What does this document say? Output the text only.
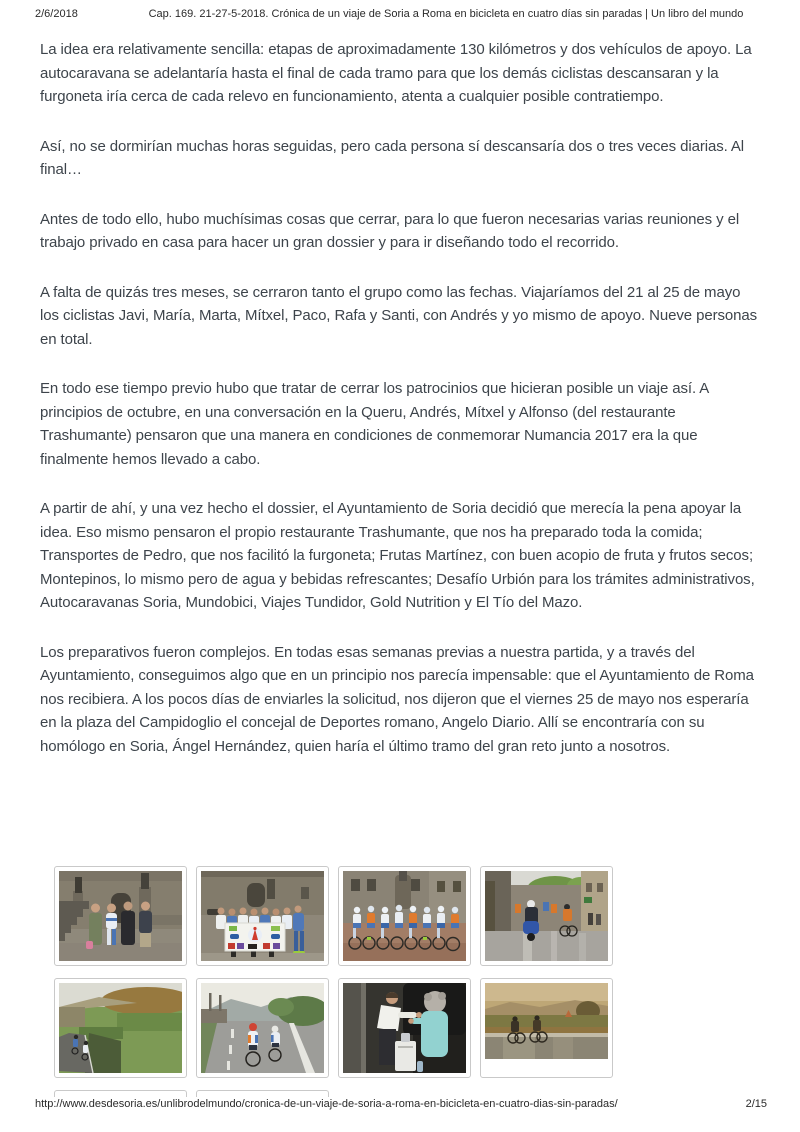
2/6/2018	Cap. 169. 21-27-5-2018. Crónica de un viaje de Soria a Roma en bicicleta en cuatro días sin paradas | Un libro del mundo

La idea era relativamente sencilla: etapas de aproximadamente 130 kilómetros y dos vehículos de apoyo. La autocaravana se adelantaría hasta el final de cada tramo para que los demás ciclistas descansaran y la furgoneta iría cerca de cada relevo en funcionamiento, atenta a cualquier posible contratiempo.

Así, no se dormirían muchas horas seguidas, pero cada persona sí descansaría dos o tres veces diarias. Al final…

Antes de todo ello, hubo muchísimas cosas que cerrar, para lo que fueron necesarias varias reuniones y el trabajo privado en casa para hacer un gran dossier y para ir diseñando todo el recorrido.

A falta de quizás tres meses, se cerraron tanto el grupo como las fechas. Viajaríamos del 21 al 25 de mayo los ciclistas Javi, María, Marta, Mítxel, Paco, Rafa y Santi, con Andrés y yo mismo de apoyo. Nueve personas en total.

En todo ese tiempo previo hubo que tratar de cerrar los patrocinios que hicieran posible un viaje así. A principios de octubre, en una conversación en la Queru, Andrés, Mítxel y Alfonso (del restaurante Trashumante) pensaron que una manera en condiciones de conmemorar Numancia 2017 era la que finalmente hemos llevado a cabo.

A partir de ahí, y una vez hecho el dossier, el Ayuntamiento de Soria decidió que merecía la pena apoyar la idea. Eso mismo pensaron el propio restaurante Trashumante, que nos ha preparado toda la comida; Transportes de Pedro, que nos facilitó la furgoneta; Frutas Martínez, con buen acopio de fruta y frutos secos; Montepinos, lo mismo pero de agua y bebidas refrescantes; Desafío Urbión para los trámites administrativos, Autocaravanas Soria, Mundobici, Viajes Tundidor, Gold Nutrition y El Tío del Mazo.

Los preparativos fueron complejos. En todas esas semanas previas a nuestra partida, y a través del Ayuntamiento, conseguimos algo que en un principio nos parecía impensable: que el Ayuntamiento de Roma nos recibiera. A los pocos días de enviarles la solicitud, nos dijeron que el viernes 25 de mayo nos esperaría en la plaza del Campidoglio el concejal de Deportes romano, Angelo Diario. Allí se encontraría con su homólogo en Soria, Ángel Hernández, quien haría el último tramo del gran reto junto a nosotros.

http://www.desdesoria.es/unlibrodelmundo/cronica-de-un-viaje-de-soria-a-roma-en-bicicleta-en-cuatro-dias-sin-paradas/	2/15
